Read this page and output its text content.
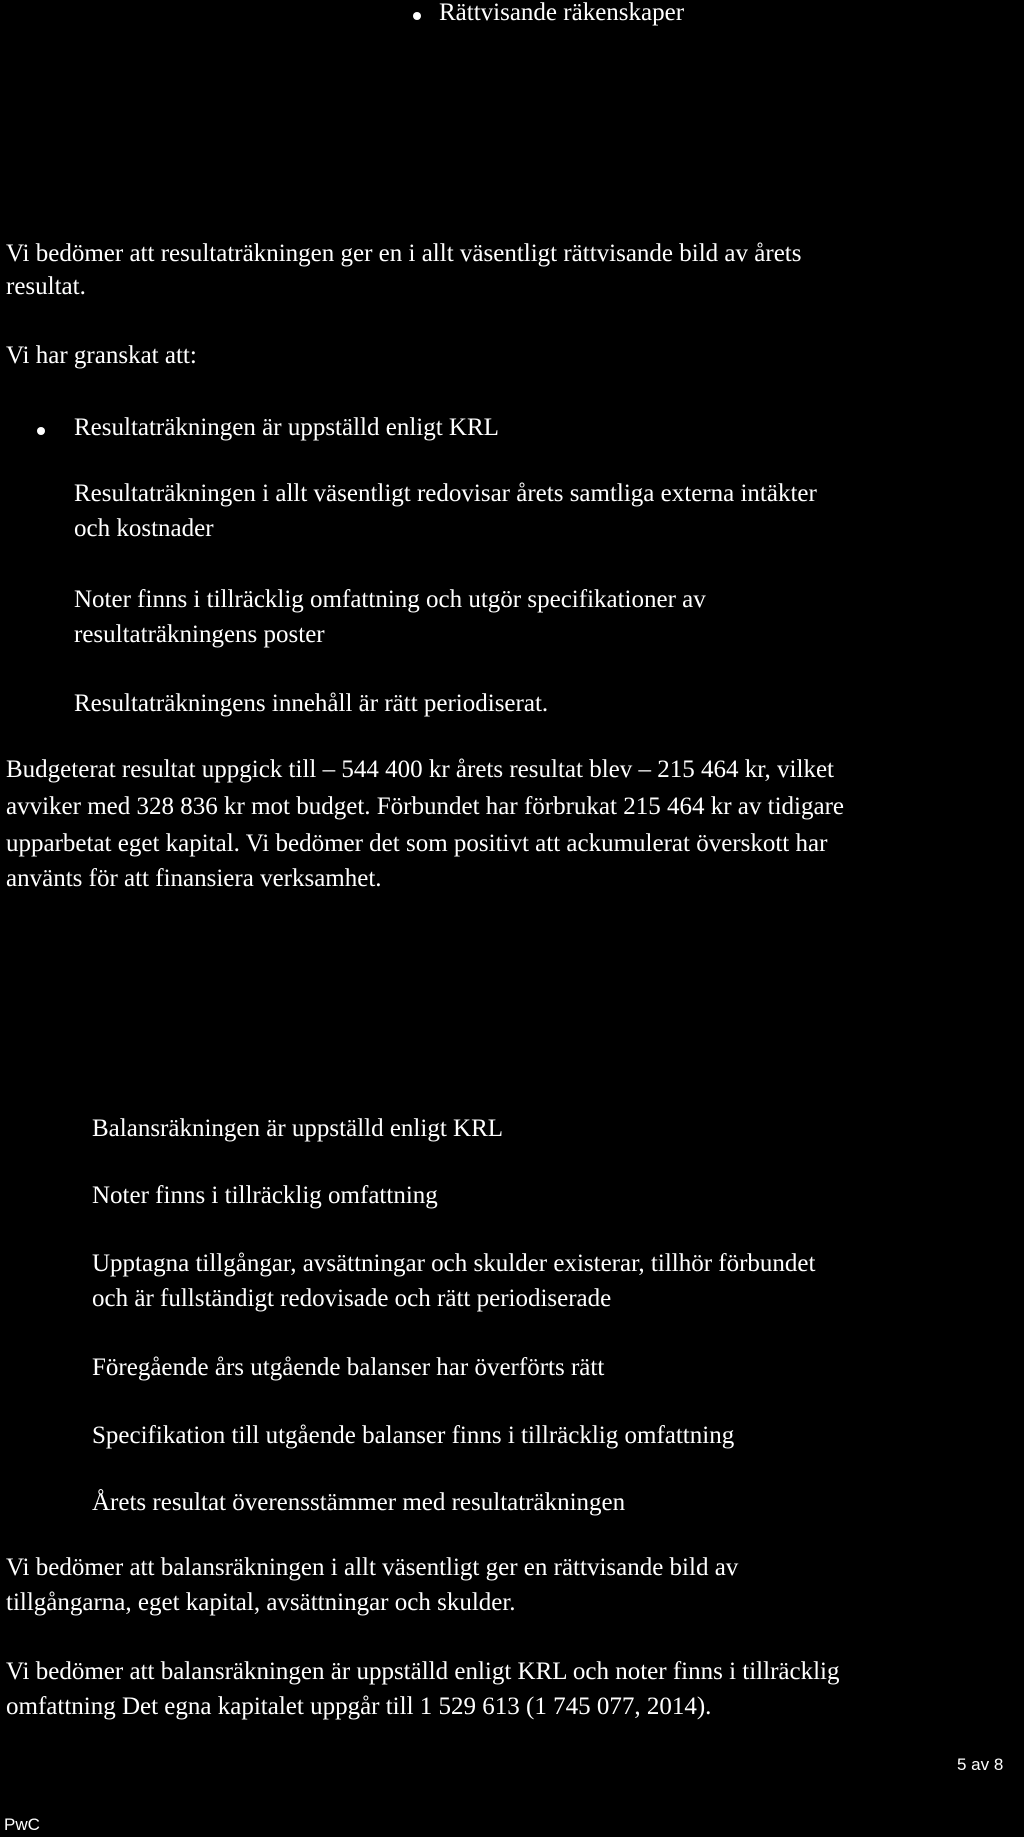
Rättvisande räkenskaper
Vi bedömer att resultaträkningen ger en i allt väsentligt rättvisande bild av årets
resultat.
Vi har granskat att:
Resultaträkningen är uppställd enligt KRL
Resultaträkningen i allt väsentligt redovisar årets samtliga externa intäkter
och kostnader
Noter finns i tillräcklig omfattning och utgör specifikationer av
resultaträkningens poster
Resultaträkningens innehåll är rätt periodiserat.
Budgeterat resultat uppgick till – 544 400 kr årets resultat blev – 215 464 kr, vilket
avviker med 328 836 kr mot budget. Förbundet har förbrukat 215 464 kr av tidigare
upparbetat eget kapital. Vi bedömer det som positivt att ackumulerat överskott har
använts för att finansiera verksamhet.
Balansräkningen är uppställd enligt KRL
Noter finns i tillräcklig omfattning
Upptagna tillgångar, avsättningar och skulder existerar, tillhör förbundet
och är fullständigt redovisade och rätt periodiserade
Föregående års utgående balanser har överförts rätt
Specifikation till utgående balanser finns i tillräcklig omfattning
Årets resultat överensstämmer med resultaträkningen
Vi bedömer att balansräkningen i allt väsentligt ger en rättvisande bild av
tillgångarna, eget kapital, avsättningar och skulder.
Vi bedömer att balansräkningen är uppställd enligt KRL och noter finns i tillräcklig
omfattning Det egna kapitalet uppgår till 1 529 613 (1 745 077, 2014).
5 av 8
PwC
